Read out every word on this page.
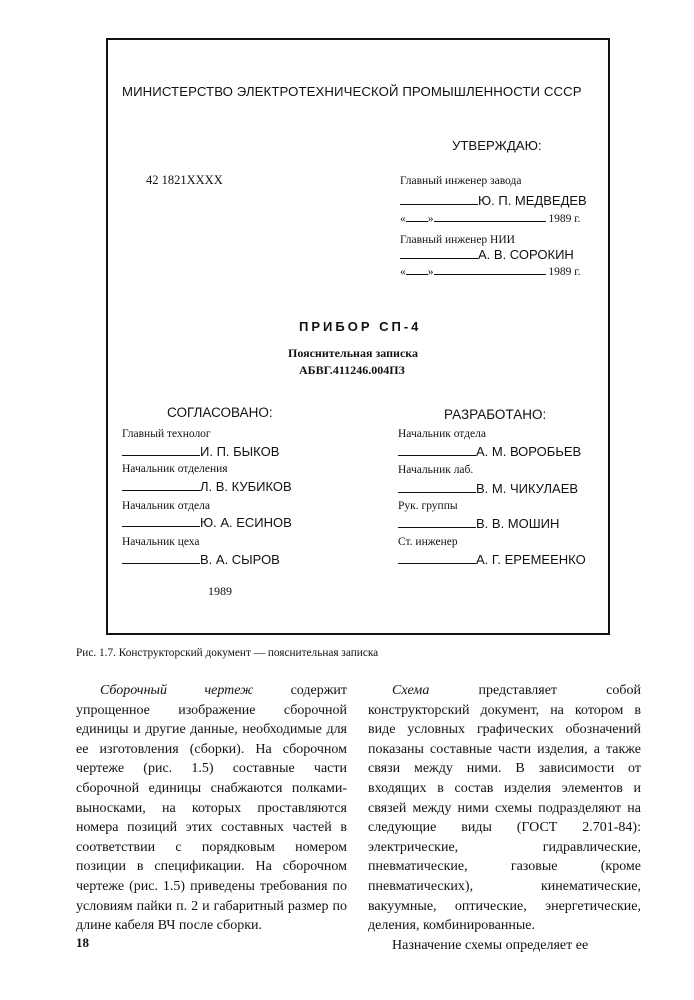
МИНИСТЕРСТВО ЭЛЕКТРОТЕХНИЧЕСКОЙ ПРОМЫШЛЕННОСТИ СССР
УТВЕРЖДАЮ:
42 1821XXXX	Главный инженер завода
Ю. П. МЕДВЕДЕВ
« »	1989 г.
Главный инженер НИИ
А. В. СОРОКИН
« »	1989 г.
ПРИБОР СП-4
Пояснительная записка
АБВГ.411246.004ПЗ
СОГЛАСОВАНО:
Главный технолог
И. П. БЫКОВ
Начальник отделения
Л. В. КУБИКОВ
Начальник отдела
Ю. А. ЕСИНОВ
Начальник цеха
В. А. СЫРОВ
РАЗРАБОТАНО:
Начальник отдела
А. М. ВОРОБЬЕВ
Начальник лаб.
В. М. ЧИКУЛАЕВ
Рук. группы
В. В. МОШИН
Ст. инженер
А. Г. ЕРЕМЕЕНКО
1989
Рис. 1.7. Конструкторский документ — пояснительная записка

Сборочный чертеж содержит упрощенное изображение сборочной единицы и другие данные, необходимые для ее изготовления (сборки). На сборочном чертеже (рис. 1.5) составные части сборочной единицы снабжаются полками-выносками, на которых проставляются номера позиций этих составных частей в соответствии с порядковым номером позиции в спецификации. На сборочном чертеже (рис. 1.5) приведены требования по условиям пайки п. 2 и габаритный размер по длине кабеля ВЧ после сборки.

Схема представляет собой конструкторский документ, на котором в виде условных графических обозначений показаны составные части изделия, а также связи между ними. В зависимости от входящих в состав изделия элементов и связей между ними схемы подразделяют на следующие виды (ГОСТ 2.701-84): электрические, гидравлические, пневматические, газовые (кроме пневматических), кинематические, вакуумные, оптические, энергетические, деления, комбинированные.

Назначение схемы определяет ее

18
